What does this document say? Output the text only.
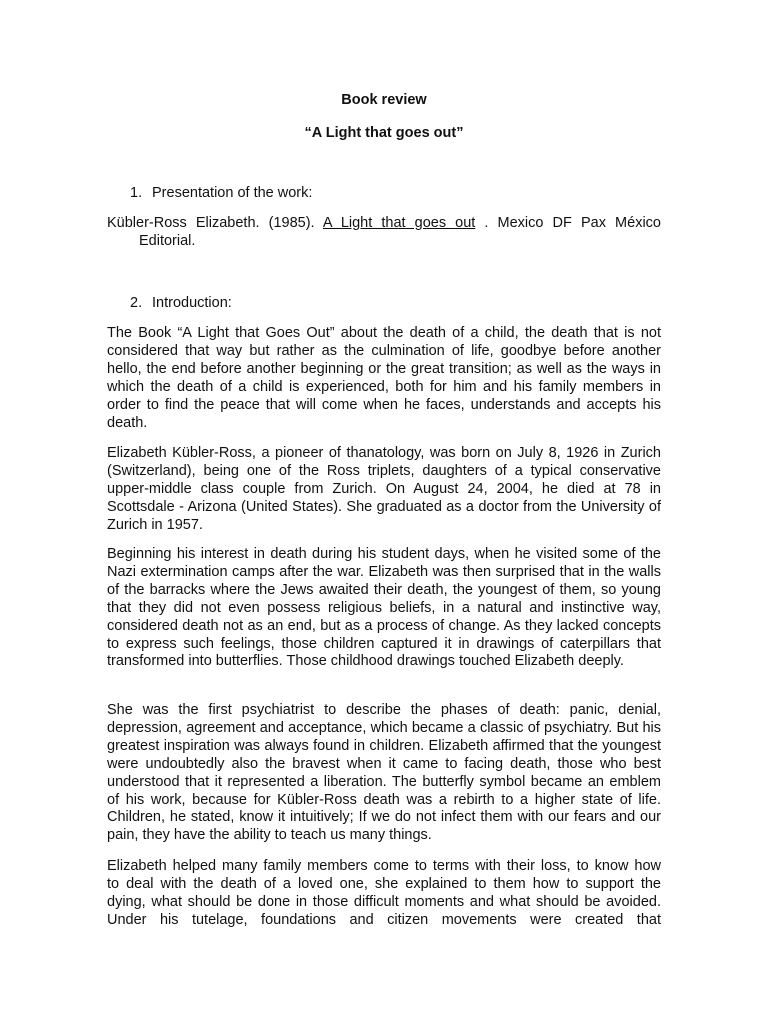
Book review
“A Light that goes out”
1. Presentation of the work:
Kübler-Ross Elizabeth. (1985). A Light that goes out . Mexico DF Pax México
Editorial.
2. Introduction:

The Book “A Light that Goes Out” about the death of a child, the death that is not considered that way but rather as the culmination of life, goodbye before another hello, the end before another beginning or the great transition; as well as the ways in which the death of a child is experienced, both for him and his family members in order to find the peace that will come when he faces, understands and accepts his death.

Elizabeth Kübler-Ross, a pioneer of thanatology, was born on July 8, 1926 in Zurich (Switzerland), being one of the Ross triplets, daughters of a typical conservative upper-middle class couple from Zurich. On August 24, 2004, he died at 78 in Scottsdale - Arizona (United States). She graduated as a doctor from the University of Zurich in 1957.

Beginning his interest in death during his student days, when he visited some of the Nazi extermination camps after the war. Elizabeth was then surprised that in the walls of the barracks where the Jews awaited their death, the youngest of them, so young that they did not even possess religious beliefs, in a natural and instinctive way, considered death not as an end, but as a process of change. As they lacked concepts to express such feelings, those children captured it in drawings of caterpillars that transformed into butterflies. Those childhood drawings touched Elizabeth deeply.

She was the first psychiatrist to describe the phases of death: panic, denial, depression, agreement and acceptance, which became a classic of psychiatry. But his greatest inspiration was always found in children. Elizabeth affirmed that the youngest were undoubtedly also the bravest when it came to facing death, those who best understood that it represented a liberation. The butterfly symbol became an emblem of his work, because for Kübler-Ross death was a rebirth to a higher state of life. Children, he stated, know it intuitively; If we do not infect them with our fears and our pain, they have the ability to teach us many things.

Elizabeth helped many family members come to terms with their loss, to know how
to deal with the death of a loved one, she explained to them how to support the
dying, what should be done in those difficult moments and what should be avoided.
Under his tutelage, foundations and citizen movements were created that
